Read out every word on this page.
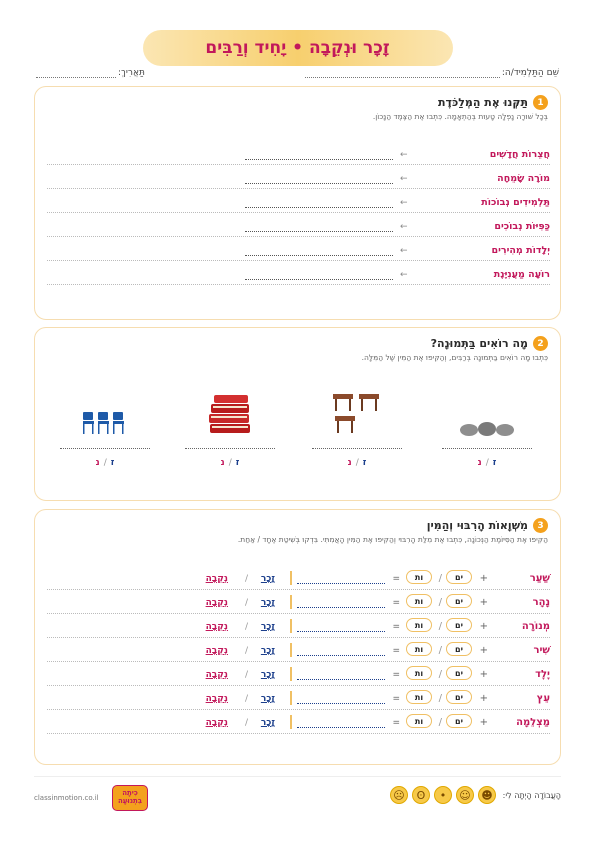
זָכָר וּנְקֵבָה • יָחִיד וְרַבִּים
שֵׁם הַתַּלְמִיד/ה:
תַּאֲרִיךְ:
1
תַּקְּנוּ אֶת הַמְּלַכֹּדֶת
בְּכָל שׁוּרָה נָפְלָה טָעוּת בְּהַתְאָמָה. כִּתְבוּ אֶת הַצֶּמֶד הַנָּכוֹן.
חֲצֵרוֹת חֲדָשִׁים
←
מוֹרָה שָׂמֵחָה
←
תַּלְמִידִים נְבוֹכוֹת
←
כַּפִּיּוֹת נְבוֹכִים
←
יְלָדוֹת מְהִירִים
←
רוֹעָה מַעֲנִיֶּנֶת
←
2
מָה רוֹאִים בַּתְּמוּנָה?
כִּתְבוּ מָה רוֹאִים בַּתְּמוּנָה בְּרַבִּים, וְהַקִּיפוּ אֶת הַמִּין שֶׁל הַמִּלָּה.
ז/נ
ז/נ
ז/נ
ז/נ
3
מִשְׁוָאוֹת הָרִבּוּי וְהַמִּין
הַקִּיפוּ אֶת הַסִּיּוֹמֶת הַנְּכוֹנָה, כִּתְבוּ אֶת מִלַּת הָרִבּוּי וְהַקִּיפוּ אֶת הַמִּין הָאֲמִתִּי. בִּדְקוּ בְּשִׁיטַת אֶחָד / אַחַת.
שַׁעַר
+
ים
/
ות
=
זָכָר
/
נְקֵבָה
נָהָר
+
ים
/
ות
=
זָכָר
/
נְקֵבָה
מְנוֹרָה
+
ים
/
ות
=
זָכָר
/
נְקֵבָה
שִׁיר
+
ים
/
ות
=
זָכָר
/
נְקֵבָה
יֶלֶד
+
ים
/
ות
=
זָכָר
/
נְקֵבָה
עֵץ
+
ים
/
ות
=
זָכָר
/
נְקֵבָה
מַצְלֵמָה
+
ים
/
ות
=
זָכָר
/
נְקֵבָה
classinmotion.co.il
כִּיתָה בִּתְנוּעָה	☹	ʘ	•	☺ ☻	הָעֲבוֹדָה הָיְתָה לִי:
